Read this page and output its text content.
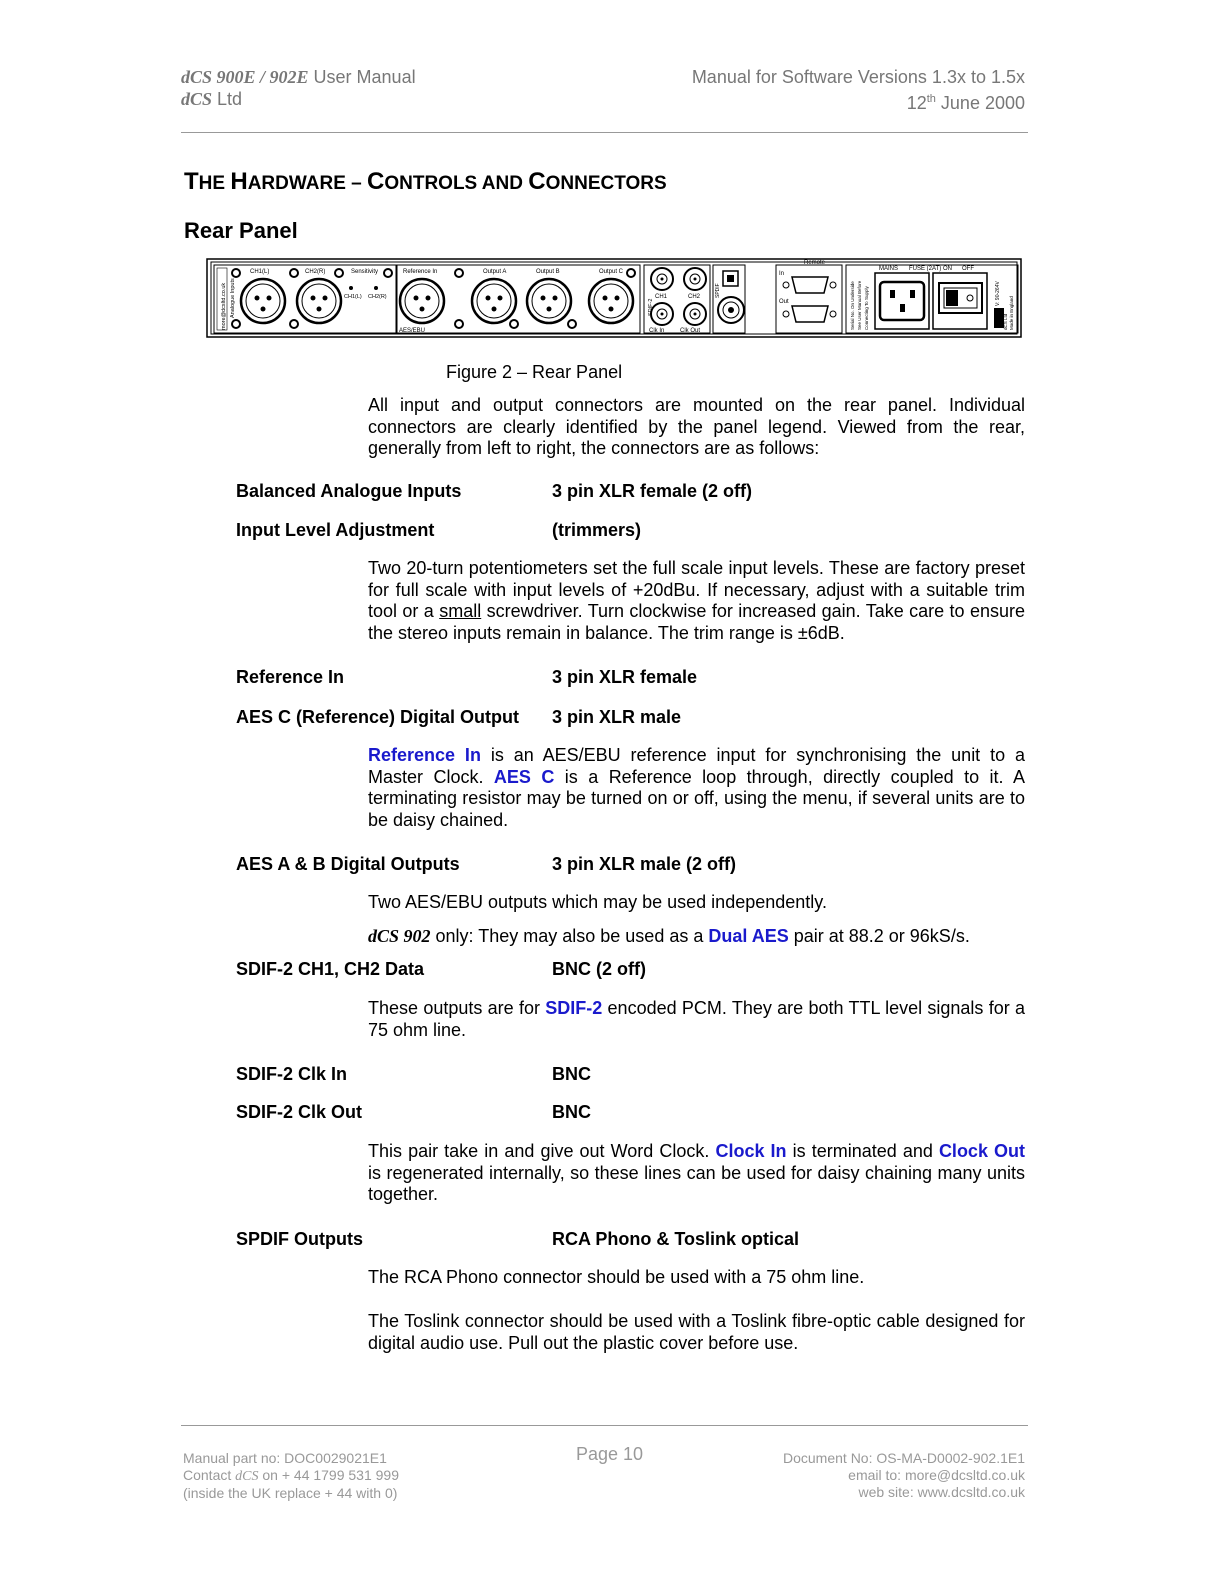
dCS 900E / 902E User Manual
dCS Ltd
Manual for Software Versions 1.3x to 1.5x
12th June 2000
THE HARDWARE – CONTROLS AND CONNECTORS
Rear Panel
more@dcsltd.co.uk Analogue Inputs
CH1(L)	CH2(R)	Sensitivity
CH1(L) CH2(R)
Reference In	Output A	Output B	Output C
AES/EBU
SDIF-2
CH1	CH2
Clk In	Clk Out
SPDIF
Remote
In
Out	Serial No. On Underside See User Manual Before Connecting To Supply
MAINS FUSE (2AT) ON OFF
V: 90-264V
dCS Ltd Made in England
Figure 2 – Rear Panel
All input and output connectors are mounted on the rear panel. Individual connectors are clearly identified by the panel legend. Viewed from the rear, generally from left to right, the connectors are as follows:
Balanced Analogue Inputs	3 pin XLR female (2 off)
Input Level Adjustment	(trimmers)
Two 20-turn potentiometers set the full scale input levels. These are factory preset for full scale with input levels of +20dBu. If necessary, adjust with a suitable trim tool or a small screwdriver. Turn clockwise for increased gain. Take care to ensure the stereo inputs remain in balance. The trim range is ±6dB.
Reference In	3 pin XLR female
AES C (Reference) Digital Output 3 pin XLR male
Reference In is an AES/EBU reference input for synchronising the unit to a Master Clock. AES C is a Reference loop through, directly coupled to it. A terminating resistor may be turned on or off, using the menu, if several units are to be daisy chained.
AES A & B Digital Outputs	3 pin XLR male (2 off)
Two AES/EBU outputs which may be used independently.
dCS 902 only: They may also be used as a Dual AES pair at 88.2 or 96kS/s.
SDIF-2 CH1, CH2 Data	BNC (2 off)
These outputs are for SDIF-2 encoded PCM. They are both TTL level signals for a 75 ohm line.
SDIF-2 Clk In	BNC
SDIF-2 Clk Out	BNC
This pair take in and give out Word Clock. Clock In is terminated and Clock Out is regenerated internally, so these lines can be used for daisy chaining many units together.
SPDIF Outputs	RCA Phono & Toslink optical
The RCA Phono connector should be used with a 75 ohm line.
The Toslink connector should be used with a Toslink fibre-optic cable designed for digital audio use. Pull out the plastic cover before use.
Manual part no: DOC0029021E1
Contact dCS on + 44 1799 531 999
(inside the UK replace + 44 with 0)
Page 10	Document No: OS-MA-D0002-902.1E1
email to: more@dcsltd.co.uk
web site: www.dcsltd.co.uk
